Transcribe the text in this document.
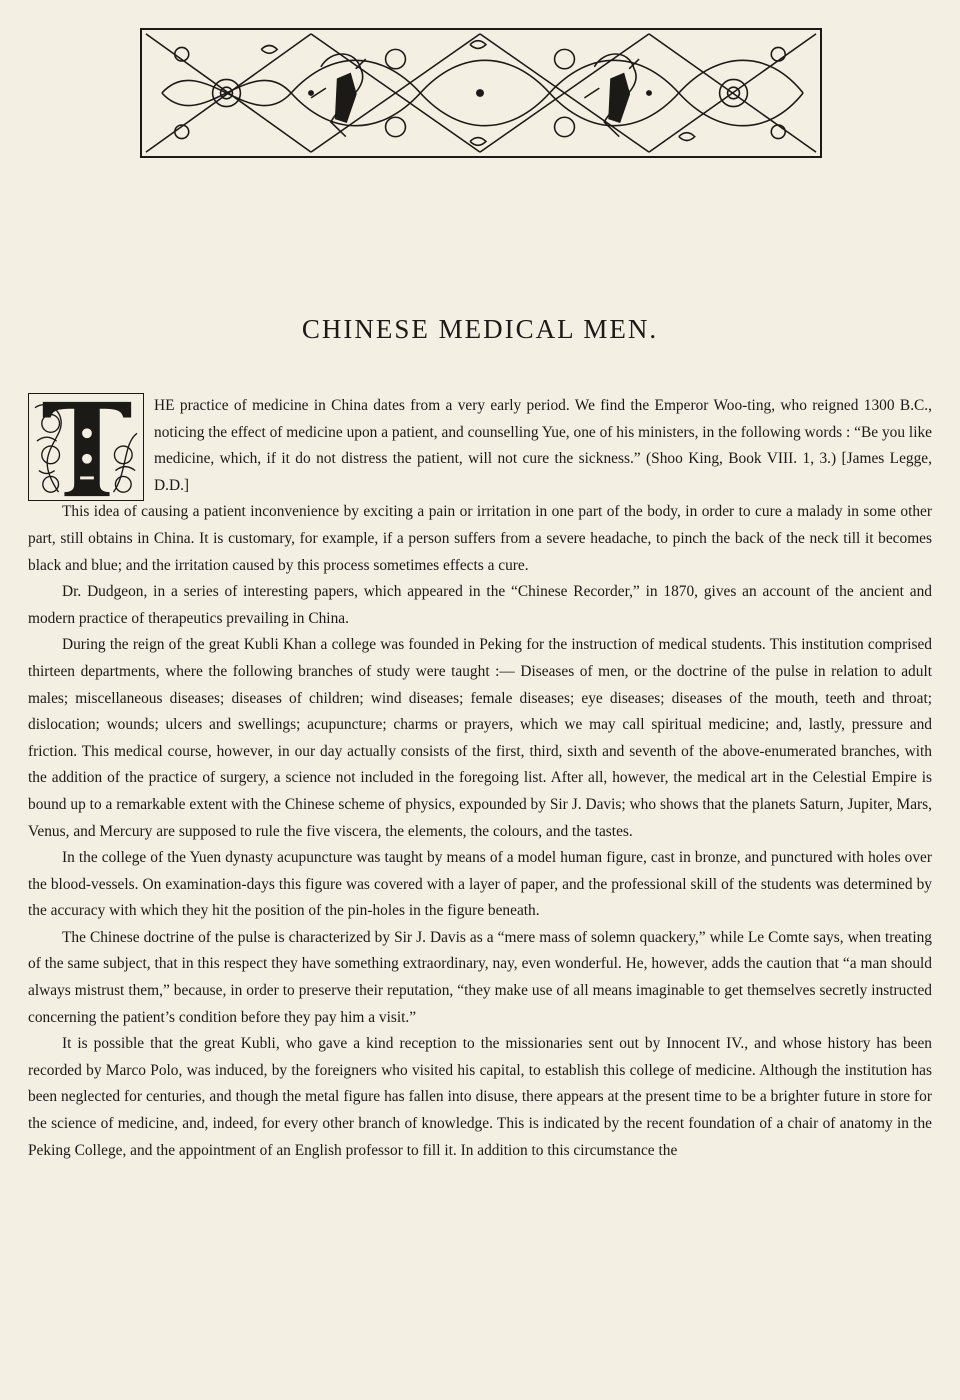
CHINESE MEDICAL MEN.

HE practice of medicine in China dates from a very early period. We find the Emperor Woo-ting, who reigned 1300 B.C., noticing the effect of medicine upon a patient, and counselling Yue, one of his ministers, in the following words : “Be you like medicine, which, if it do not distress the patient, will not cure the sickness.” (Shoo King, Book VIII. 1, 3.) [James Legge, D.D.]

This idea of causing a patient inconvenience by exciting a pain or irritation in one part of the body, in order to cure a malady in some other part, still obtains in China. It is customary, for example, if a person suffers from a severe headache, to pinch the back of the neck till it becomes black and blue; and the irritation caused by this process sometimes effects a cure.

Dr. Dudgeon, in a series of interesting papers, which appeared in the “Chinese Recorder,” in 1870, gives an account of the ancient and modern practice of therapeutics prevailing in China.

During the reign of the great Kubli Khan a college was founded in Peking for the instruction of medical students. This institution comprised thirteen departments, where the following branches of study were taught :— Diseases of men, or the doctrine of the pulse in relation to adult males; miscellaneous diseases; diseases of children; wind diseases; female diseases; eye diseases; diseases of the mouth, teeth and throat; dislocation; wounds; ulcers and swellings; acupuncture; charms or prayers, which we may call spiritual medicine; and, lastly, pressure and friction. This medical course, however, in our day actually consists of the first, third, sixth and seventh of the above-enumerated branches, with the addition of the practice of surgery, a science not included in the foregoing list. After all, however, the medical art in the Celestial Empire is bound up to a remarkable extent with the Chinese scheme of physics, expounded by Sir J. Davis; who shows that the planets Saturn, Jupiter, Mars, Venus, and Mercury are supposed to rule the five viscera, the elements, the colours, and the tastes.

In the college of the Yuen dynasty acupuncture was taught by means of a model human figure, cast in bronze, and punctured with holes over the blood-vessels. On examination-days this figure was covered with a layer of paper, and the professional skill of the students was determined by the accuracy with which they hit the position of the pin-holes in the figure beneath.

The Chinese doctrine of the pulse is characterized by Sir J. Davis as a “mere mass of solemn quackery,” while Le Comte says, when treating of the same subject, that in this respect they have something extraordinary, nay, even wonderful. He, however, adds the caution that “a man should always mistrust them,” because, in order to preserve their reputation, “they make use of all means imaginable to get themselves secretly instructed concerning the patient’s condition before they pay him a visit.”

It is possible that the great Kubli, who gave a kind reception to the missionaries sent out by Innocent IV., and whose history has been recorded by Marco Polo, was induced, by the foreigners who visited his capital, to establish this college of medicine. Although the institution has been neglected for centuries, and though the metal figure has fallen into disuse, there appears at the present time to be a brighter future in store for the science of medicine, and, indeed, for every other branch of knowledge. This is indicated by the recent foundation of a chair of anatomy in the Peking College, and the appointment of an English professor to fill it. In addition to this circumstance the
